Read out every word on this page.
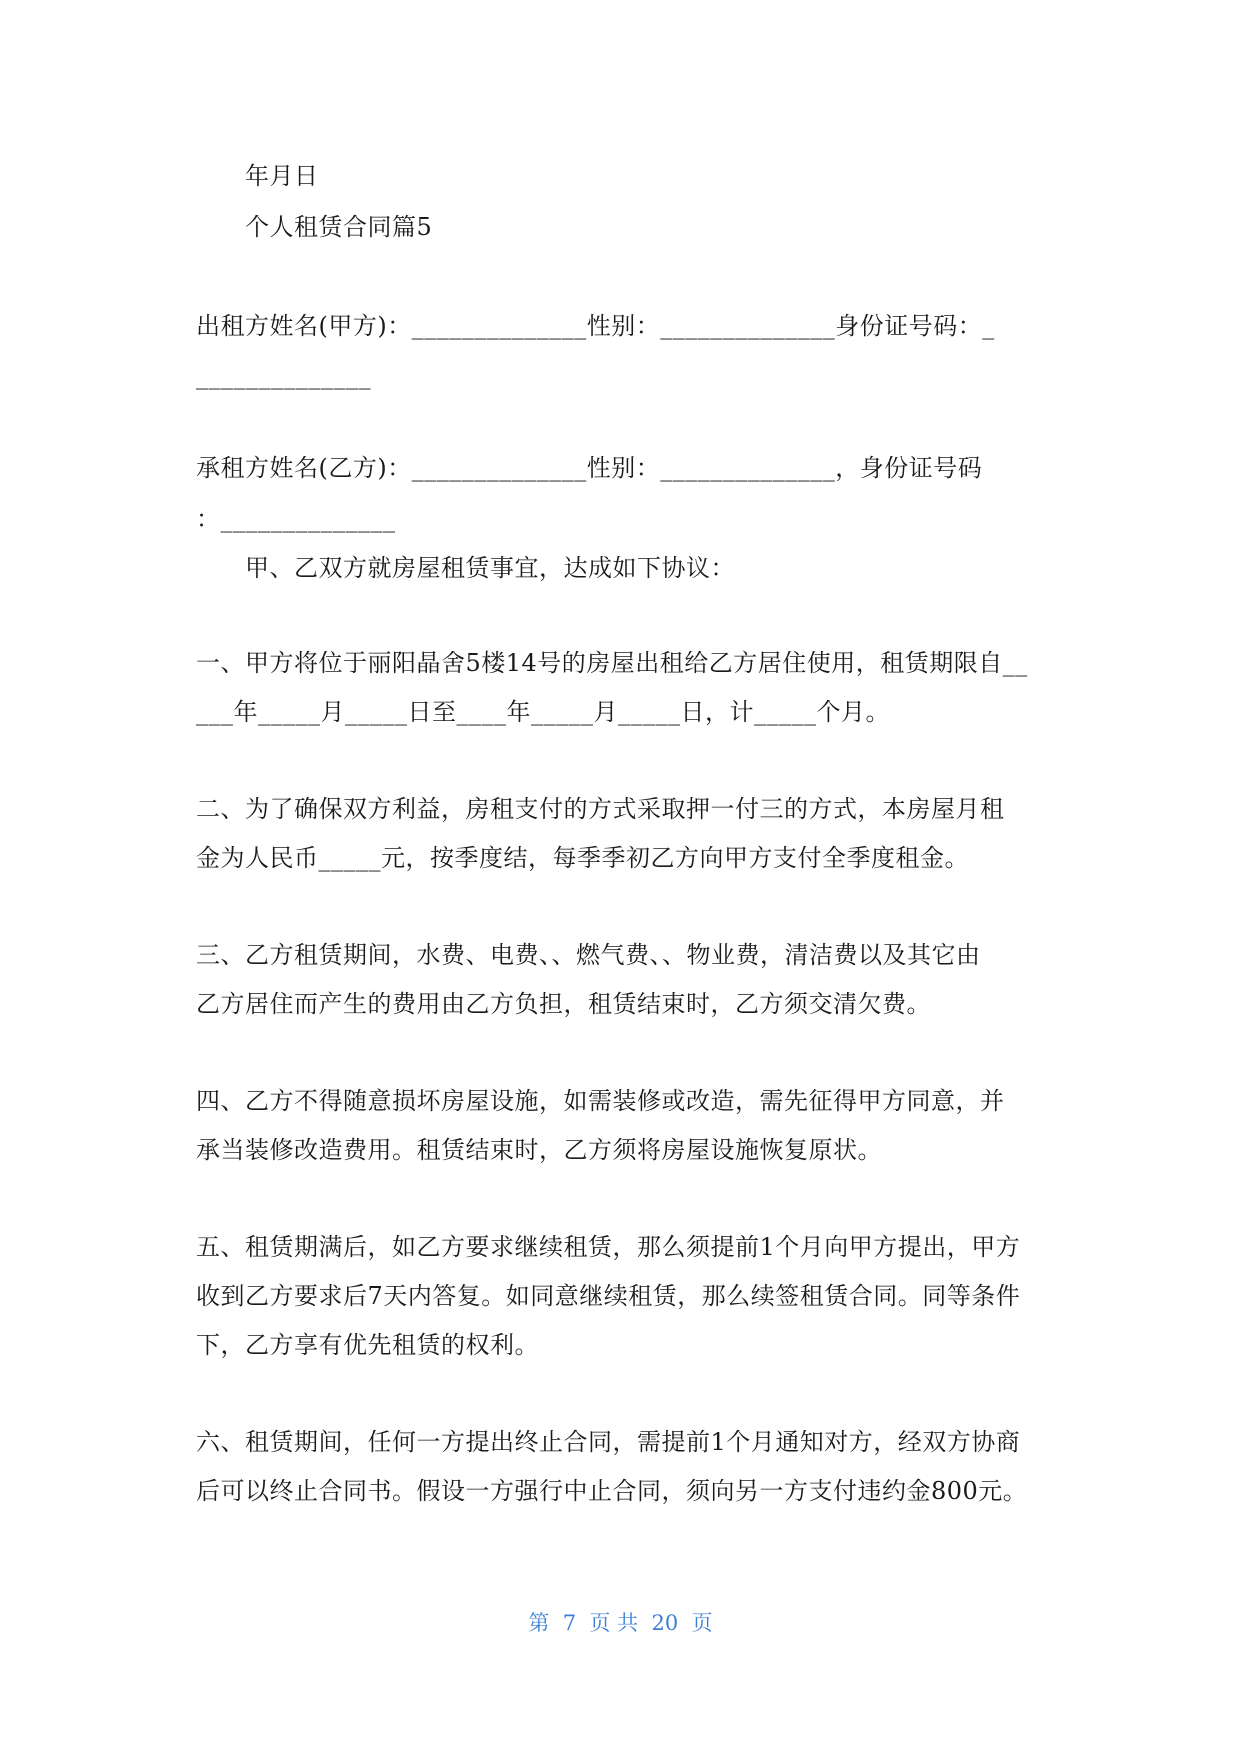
年月日
个人租赁合同篇5
出租方姓名(甲方)：______________性别：______________身份证号码：_
______________
承租方姓名(乙方)：______________性别：______________，身份证号码
：______________
甲、乙双方就房屋租赁事宜，达成如下协议：
一、甲方将位于丽阳晶舍5楼14号的房屋出租给乙方居住使用，租赁期限自__
___年_____月_____日至____年_____月_____日，计_____个月。
二、为了确保双方利益，房租支付的方式采取押一付三的方式，本房屋月租
金为人民币_____元，按季度结，每季季初乙方向甲方支付全季度租金。
三、乙方租赁期间，水费、电费、、燃气费、、物业费，清洁费以及其它由
乙方居住而产生的费用由乙方负担，租赁结束时，乙方须交清欠费。
四、乙方不得随意损坏房屋设施，如需装修或改造，需先征得甲方同意，并
承当装修改造费用。租赁结束时，乙方须将房屋设施恢复原状。
五、租赁期满后，如乙方要求继续租赁，那么须提前1个月向甲方提出，甲方
收到乙方要求后7天内答复。如同意继续租赁，那么续签租赁合同。同等条件
下，乙方享有优先租赁的权利。
六、租赁期间，任何一方提出终止合同，需提前1个月通知对方，经双方协商
后可以终止合同书。假设一方强行中止合同，须向另一方支付违约金800元。
第  7  页 共  20  页
